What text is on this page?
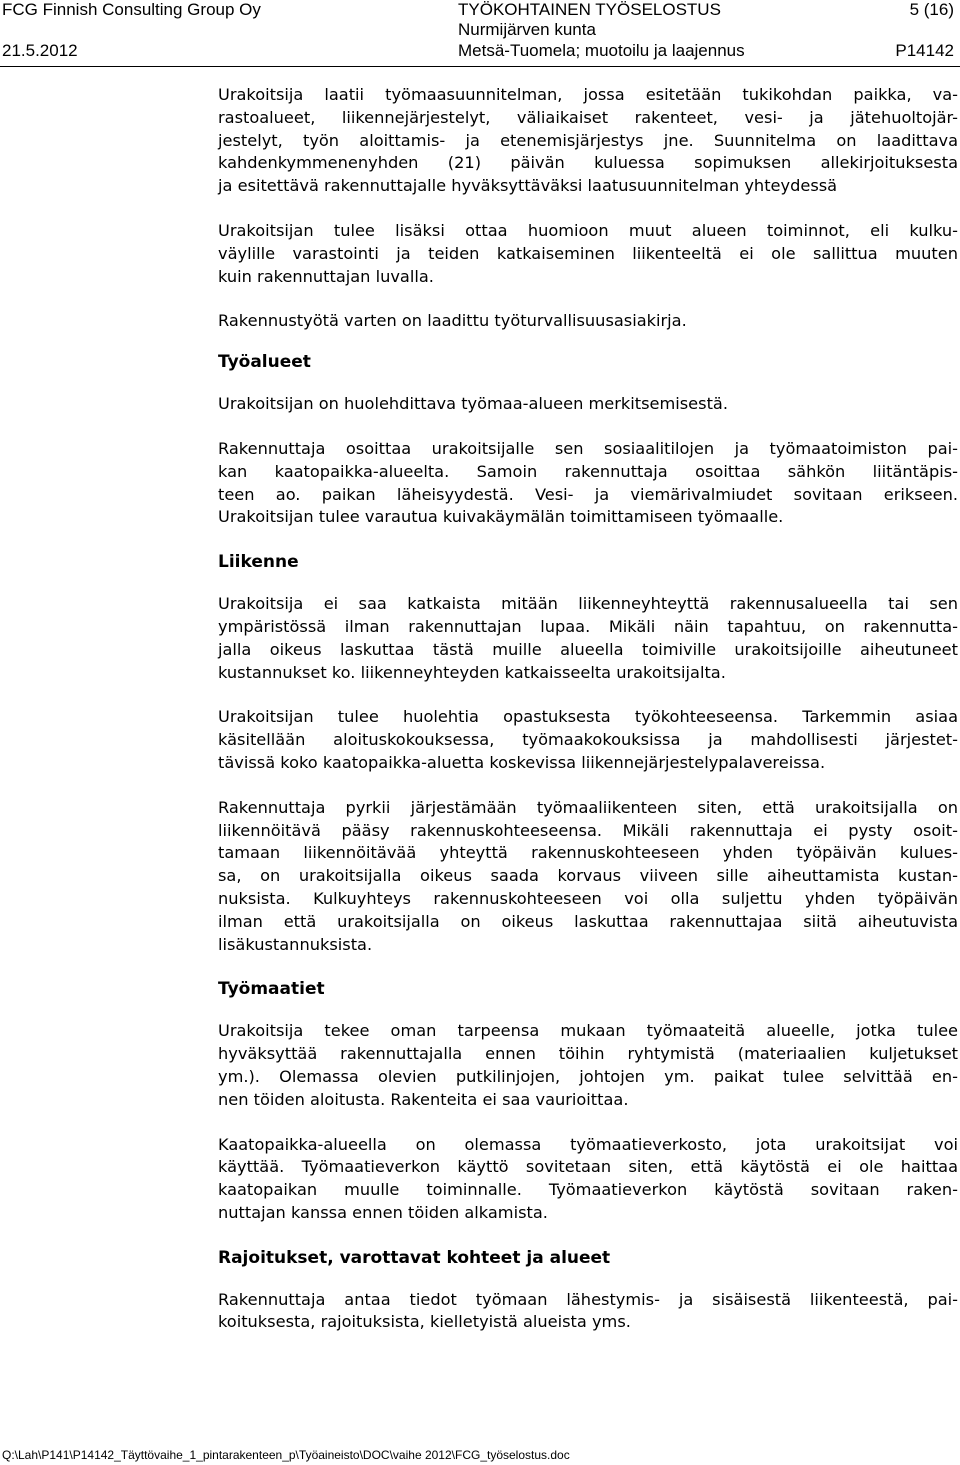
FCG Finnish Consulting Group Oy
21.5.2012
TYÖKOHTAINEN TYÖSELOSTUS
Nurmijärven kunta
Metsä-Tuomela; muotoilu ja laajennus
5 (16)
P14142
Urakoitsija laatii työmaasuunnitelman, jossa esitetään tukikohdan paikka, va-
rastoalueet, liikennejärjestelyt, väliaikaiset rakenteet, vesi- ja jätehuoltojär-
jestelyt, työn aloittamis- ja etenemisjärjestys jne. Suunnitelma on laadittava
kahdenkymmenenyhden (21) päivän kuluessa sopimuksen allekirjoituksesta
ja esitettävä rakennuttajalle hyväksyttäväksi laatusuunnitelman yhteydessä
Urakoitsijan tulee lisäksi ottaa huomioon muut alueen toiminnot, eli kulku-
väylille varastointi ja teiden katkaiseminen liikenteeltä ei ole sallittua muuten
kuin rakennuttajan luvalla.
Rakennustyötä varten on laadittu työturvallisuusasiakirja.
Työalueet
Urakoitsijan on huolehdittava työmaa-alueen merkitsemisestä.
Rakennuttaja osoittaa urakoitsijalle sen sosiaalitilojen ja työmaatoimiston pai-
kan kaatopaikka-alueelta. Samoin rakennuttaja osoittaa sähkön liitäntäpis-
teen ao. paikan läheisyydestä. Vesi- ja viemärivalmiudet sovitaan erikseen.
Urakoitsijan tulee varautua kuivakäymälän toimittamiseen työmaalle.
Liikenne
Urakoitsija ei saa katkaista mitään liikenneyhteyttä rakennusalueella tai sen
ympäristössä ilman rakennuttajan lupaa. Mikäli näin tapahtuu, on rakennutta-
jalla oikeus laskuttaa tästä muille alueella toimiville urakoitsijoille aiheutuneet
kustannukset ko. liikenneyhteyden katkaisseelta urakoitsijalta.
Urakoitsijan tulee huolehtia opastuksesta työkohteeseensa. Tarkemmin asiaa
käsitellään aloituskokouksessa, työmaakokouksissa ja mahdollisesti järjestet-
tävissä koko kaatopaikka-aluetta koskevissa liikennejärjestelypalavereissa.
Rakennuttaja pyrkii järjestämään työmaaliikenteen siten, että urakoitsijalla on
liikennöitävä pääsy rakennuskohteeseensa. Mikäli rakennuttaja ei pysty osoit-
tamaan liikennöitävää yhteyttä rakennuskohteeseen yhden työpäivän kulues-
sa, on urakoitsijalla oikeus saada korvaus viiveen sille aiheuttamista kustan-
nuksista. Kulkuyhteys rakennuskohteeseen voi olla suljettu yhden työpäivän
ilman että urakoitsijalla on oikeus laskuttaa rakennuttajaa siitä aiheutuvista
lisäkustannuksista.
Työmaatiet
Urakoitsija tekee oman tarpeensa mukaan työmaateitä alueelle, jotka tulee
hyväksyttää rakennuttajalla ennen töihin ryhtymistä (materiaalien kuljetukset
ym.). Olemassa olevien putkilinjojen, johtojen ym. paikat tulee selvittää en-
nen töiden aloitusta. Rakenteita ei saa vaurioittaa.
Kaatopaikka-alueella on olemassa työmaatieverkosto, jota urakoitsijat voi
käyttää. Työmaatieverkon käyttö sovitetaan siten, että käytöstä ei ole haittaa
kaatopaikan muulle toiminnalle. Työmaatieverkon käytöstä sovitaan raken-
nuttajan kanssa ennen töiden alkamista.
Rajoitukset, varottavat kohteet ja alueet
Rakennuttaja antaa tiedot työmaan lähestymis- ja sisäisestä liikenteestä, pai-
koituksesta, rajoituksista, kielletyistä alueista yms.
Q:\Lah\P141\P14142_Täyttövaihe_1_pintarakenteen_p\Työaineisto\DOC\vaihe 2012\FCG_työselostus.doc
